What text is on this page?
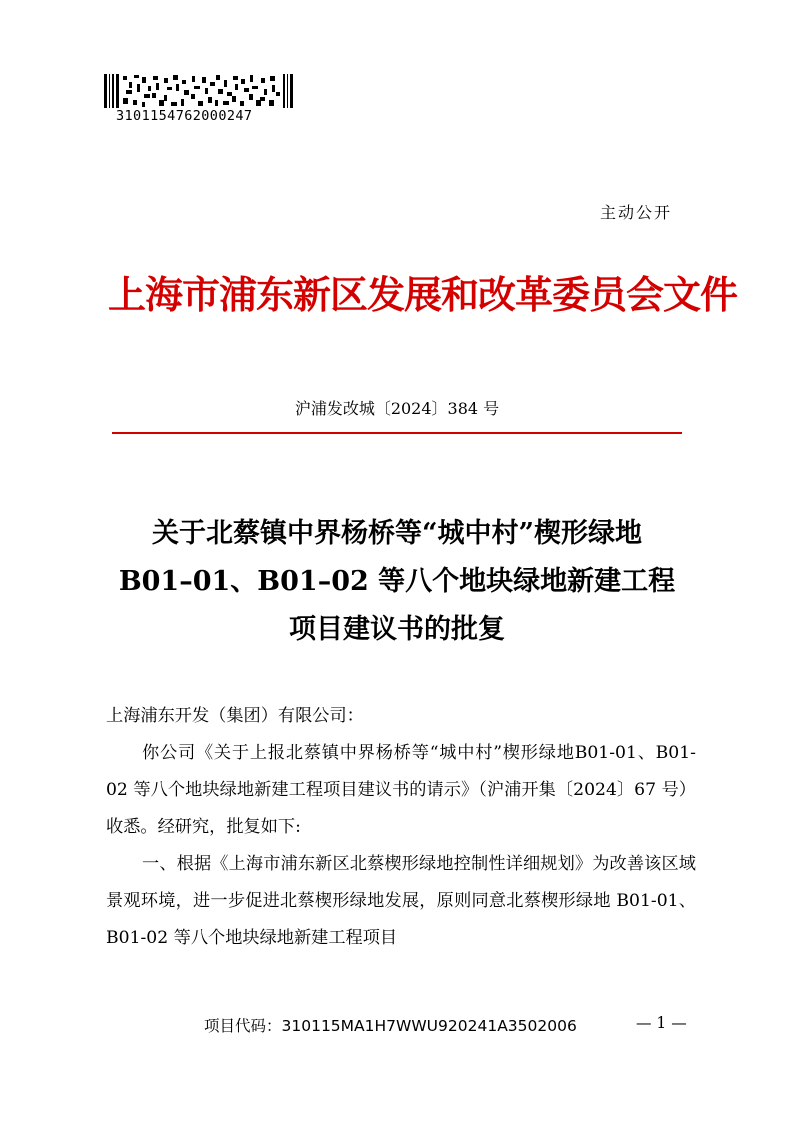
3101154762000247
主动公开
上海市浦东新区发展和改革委员会文件
沪浦发改城〔2024〕384 号
关于北蔡镇中界杨桥等“城中村”楔形绿地
B01–01、B01–02 等八个地块绿地新建工程
项目建议书的批复

上海浦东开发（集团）有限公司：

你公司《关于上报北蔡镇中界杨桥等“城中村”楔形绿地B01-01、B01-02 等八个地块绿地新建工程项目建议书的请示》（沪浦开集〔2024〕67 号）收悉。经研究，批复如下:

一、根据《上海市浦东新区北蔡楔形绿地控制性详细规划》为改善该区域景观环境，进一步促进北蔡楔形绿地发展，原则同意北蔡楔形绿地 B01-01、B01-02 等八个地块绿地新建工程项目

项目代码：310115MA1H7WWU920241A3502006	— 1 —
